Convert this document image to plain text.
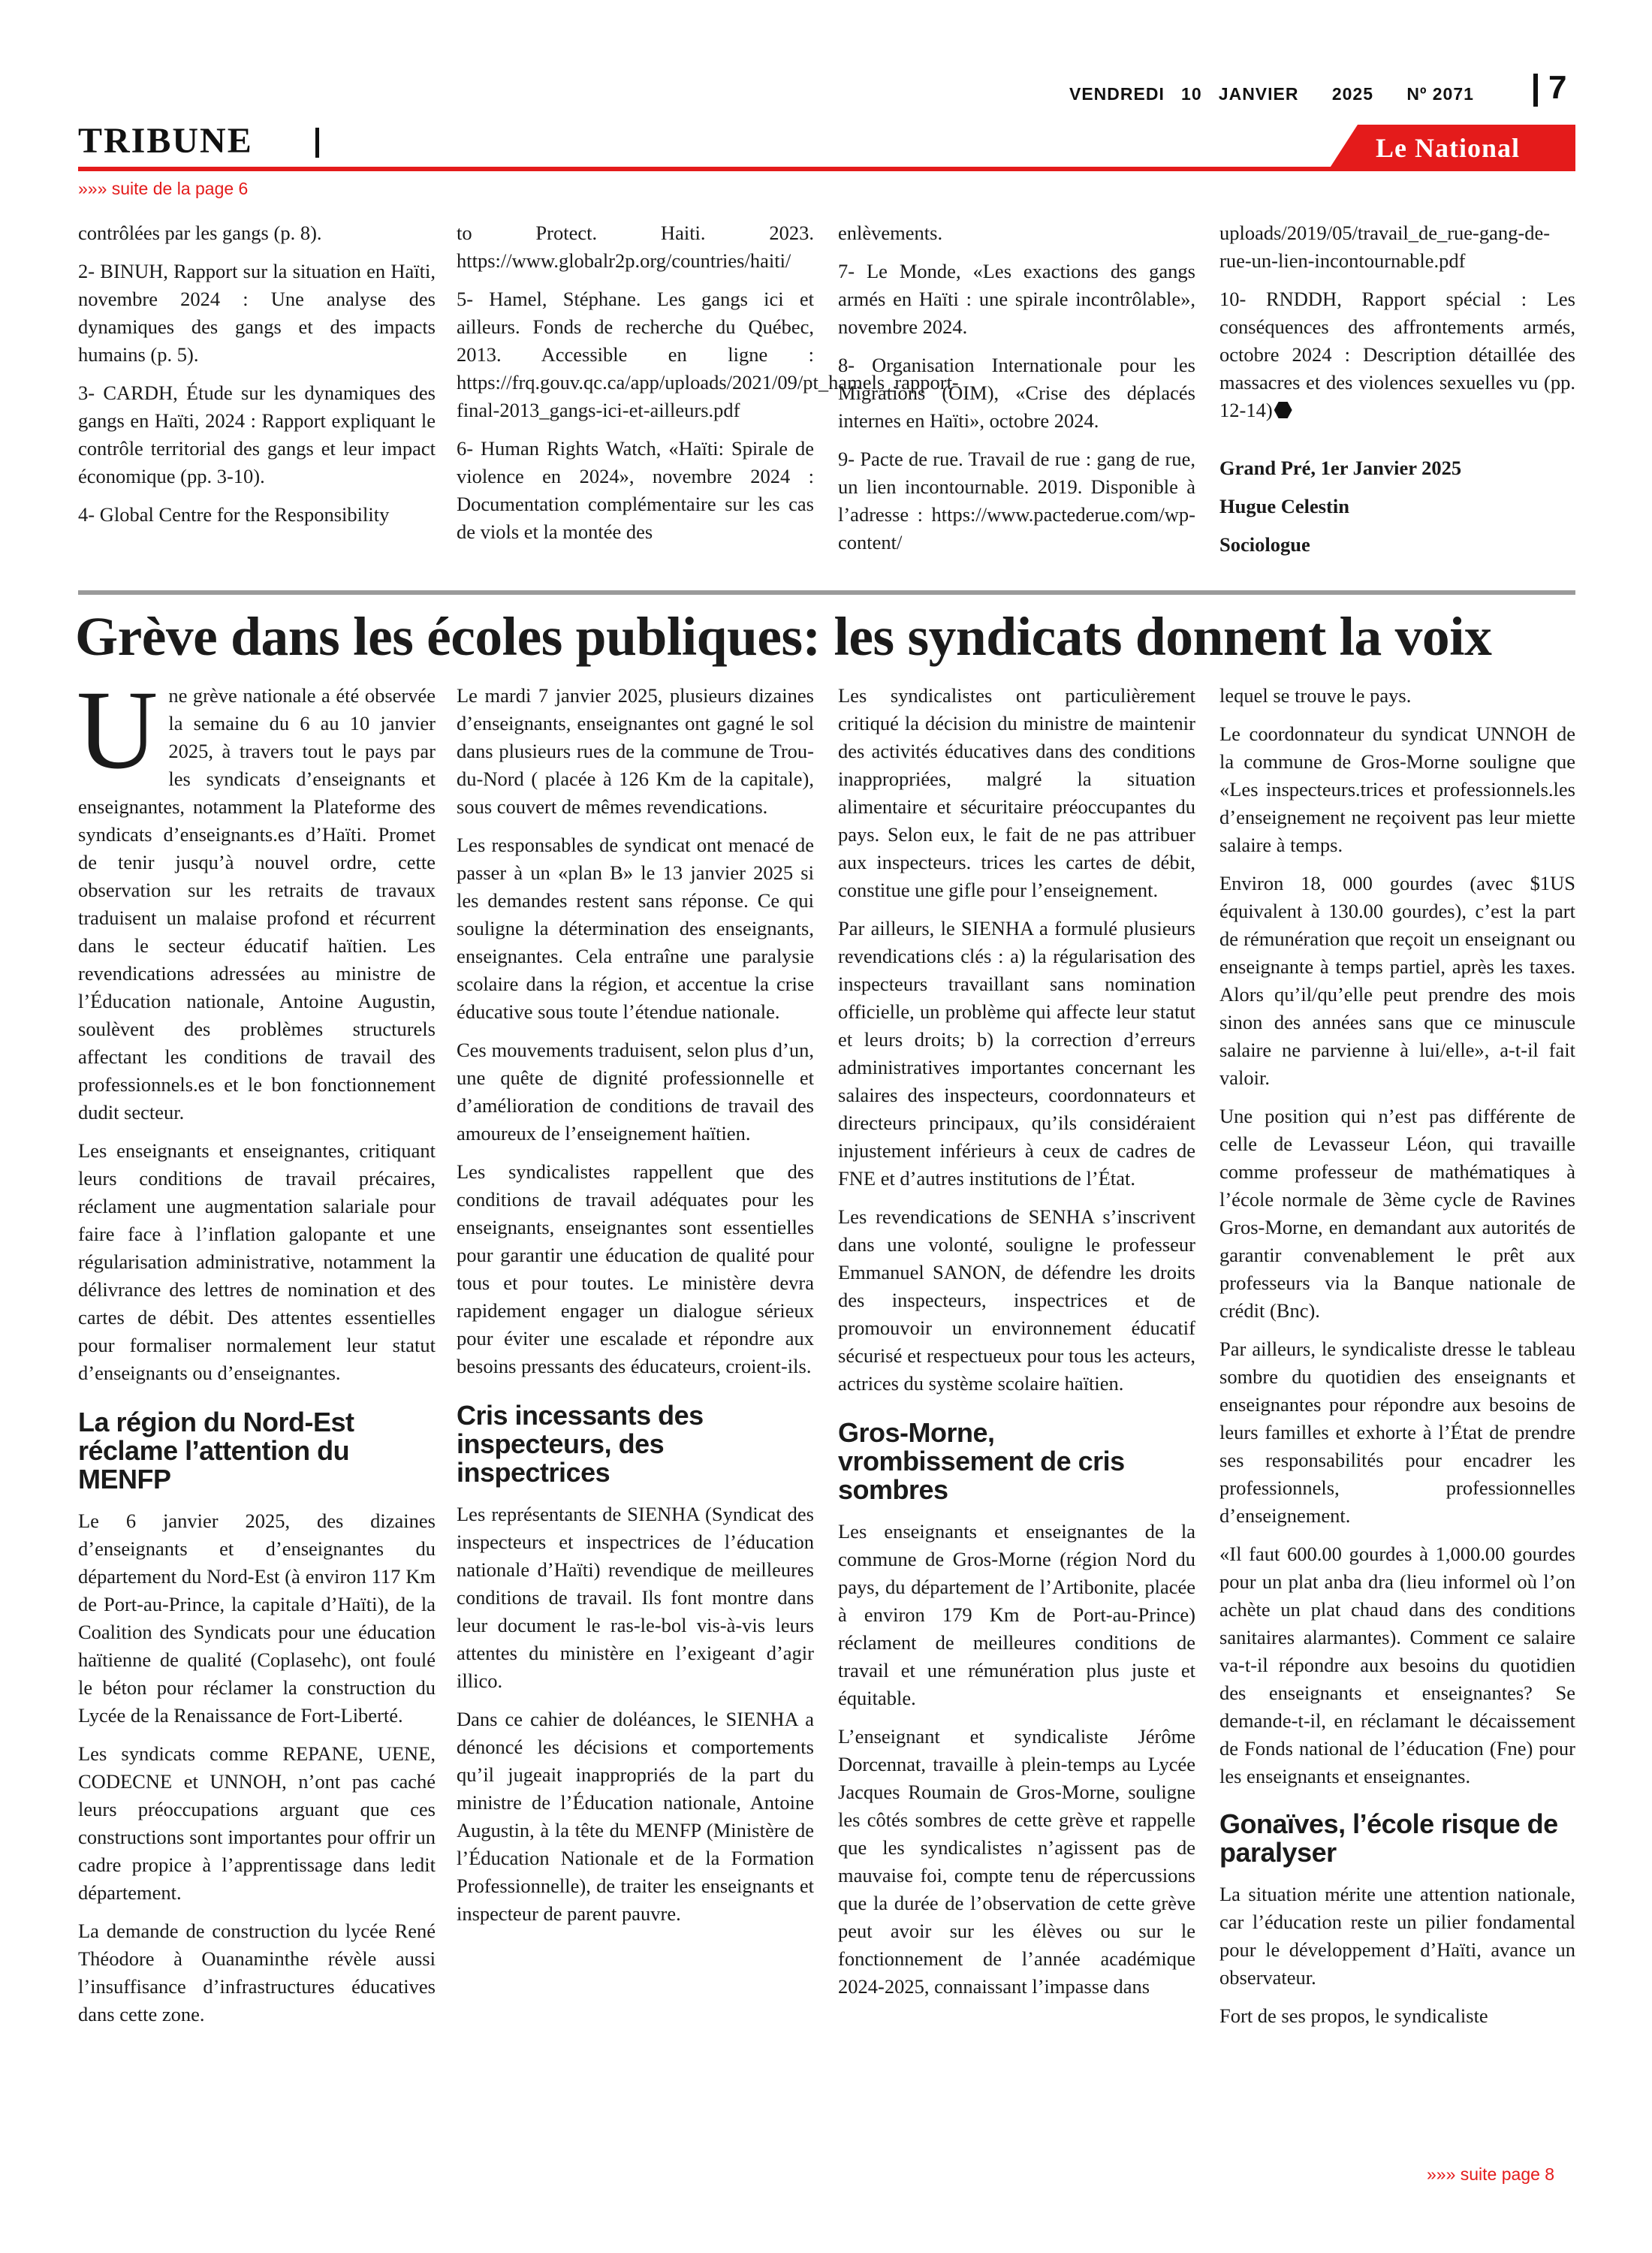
VENDREDI 10 JANVIER 2025 Nº 2071 7
TRIBUNE	Le National
»»» suite de la page 6

contrôlées par les gangs (p. 8).

2- BINUH, Rapport sur la situation en Haïti, novembre 2024 : Une analyse des dynamiques des gangs et des impacts humains (p. 5).

3- CARDH, Étude sur les dynamiques des gangs en Haïti, 2024 : Rapport expliquant le contrôle territorial des gangs et leur impact économique (pp. 3-10).

4- Global Centre for the Responsibility

to Protect. Haiti. 2023. https://www.globalr2p.org/countries/haiti/

5- Hamel, Stéphane. Les gangs ici et ailleurs. Fonds de recherche du Québec, 2013. Accessible en ligne : https://frq.gouv.qc.ca/app/uploads/2021/09/pt_hamels_rapport-final-2013_gangs-ici-et-ailleurs.pdf

6- Human Rights Watch, «Haïti: Spirale de violence en 2024», novembre 2024 : Documentation complémentaire sur les cas de viols et la montée des

enlèvements.

7- Le Monde, «Les exactions des gangs armés en Haïti : une spirale incontrôlable», novembre 2024.

8- Organisation Internationale pour les Migrations (OIM), «Crise des déplacés internes en Haïti», octobre 2024.

9- Pacte de rue. Travail de rue : gang de rue, un lien incontournable. 2019. Disponible à l’adresse : https://www.pactederue.com/wp-content/

uploads/2019/05/travail_de_rue-gang-de-rue-un-lien-incontournable.pdf

10- RNDDH, Rapport spécial : Les conséquences des affrontements armés, octobre 2024 : Description détaillée des massacres et des violences sexuelles vu (pp. 12-14)

Grand Pré, 1er Janvier 2025

Hugue Celestin

Sociologue

Grève dans les écoles publiques: les syndicats donnent la voix

Une grève nationale a été observée la semaine du 6 au 10 janvier 2025, à travers tout le pays par les syndicats d’enseignants et enseignantes, notamment la Plateforme des syndicats d’enseignants.es d’Haïti. Promet de tenir jusqu’à nouvel ordre, cette observation sur les retraits de travaux traduisent un malaise profond et récurrent dans le secteur éducatif haïtien. Les revendications adressées au ministre de l’Éducation nationale, Antoine Augustin, soulèvent des problèmes structurels affectant les conditions de travail des professionnels.es et le bon fonctionnement dudit secteur.

Les enseignants et enseignantes, critiquant leurs conditions de travail précaires, réclament une augmentation salariale pour faire face à l’inflation galopante et une régularisation administrative, notamment la délivrance des lettres de nomination et des cartes de débit. Des attentes essentielles pour formaliser normalement leur statut d’enseignants ou d’enseignantes.

La région du Nord-Est réclame l’attention du MENFP

Le 6 janvier 2025, des dizaines d’enseignants et d’enseignantes du département du Nord-Est (à environ 117 Km de Port-au-Prince, la capitale d’Haïti), de la Coalition des Syndicats pour une éducation haïtienne de qualité (Coplasehc), ont foulé le béton pour réclamer la construction du Lycée de la Renaissance de Fort-Liberté.

Les syndicats comme REPANE, UENE, CODECNE et UNNOH, n’ont pas caché leurs préoccupations arguant que ces constructions sont importantes pour offrir un cadre propice à l’apprentissage dans ledit département.

La demande de construction du lycée René Théodore à Ouanaminthe révèle aussi l’insuffisance d’infrastructures éducatives dans cette zone.

Le mardi 7 janvier 2025, plusieurs dizaines d’enseignants, enseignantes ont gagné le sol dans plusieurs rues de la commune de Trou-du-Nord ( placée à 126 Km de la capitale), sous couvert de mêmes revendications.

Les responsables de syndicat ont menacé de passer à un «plan B» le 13 janvier 2025 si les demandes restent sans réponse. Ce qui souligne la détermination des enseignants, enseignantes. Cela entraîne une paralysie scolaire dans la région, et accentue la crise éducative sous toute l’étendue nationale.

Ces mouvements traduisent, selon plus d’un, une quête de dignité professionnelle et d’amélioration de conditions de travail des amoureux de l’enseignement haïtien.

Les syndicalistes rappellent que des conditions de travail adéquates pour les enseignants, enseignantes sont essentielles pour garantir une éducation de qualité pour tous et pour toutes. Le ministère devra rapidement engager un dialogue sérieux pour éviter une escalade et répondre aux besoins pressants des éducateurs, croient-ils.

Cris incessants des inspecteurs, des inspectrices

Les représentants de SIENHA (Syndicat des inspecteurs et inspectrices de l’éducation nationale d’Haïti) revendique de meilleures conditions de travail. Ils font montre dans leur document le ras-le-bol vis-à-vis leurs attentes du ministère en l’exigeant d’agir illico.

Dans ce cahier de doléances, le SIENHA a dénoncé les décisions et comportements qu’il jugeait inappropriés de la part du ministre de l’Éducation nationale, Antoine Augustin, à la tête du MENFP (Ministère de l’Éducation Nationale et de la Formation Professionnelle), de traiter les enseignants et inspecteur de parent pauvre.

Les syndicalistes ont particulièrement critiqué la décision du ministre de maintenir des activités éducatives dans des conditions inappropriées, malgré la situation alimentaire et sécuritaire préoccupantes du pays. Selon eux, le fait de ne pas attribuer aux inspecteurs. trices les cartes de débit, constitue une gifle pour l’enseignement.

Par ailleurs, le SIENHA a formulé plusieurs revendications clés : a) la régularisation des inspecteurs travaillant sans nomination officielle, un problème qui affecte leur statut et leurs droits; b) la correction d’erreurs administratives importantes concernant les salaires des inspecteurs, coordonnateurs et directeurs principaux, qu’ils considéraient injustement inférieurs à ceux de cadres de FNE et d’autres institutions de l’État.

Les revendications de SENHA s’inscrivent dans une volonté, souligne le professeur Emmanuel SANON, de défendre les droits des inspecteurs, inspectrices et de promouvoir un environnement éducatif sécurisé et respectueux pour tous les acteurs, actrices du système scolaire haïtien.

Gros-Morne, vrombissement de cris sombres

Les enseignants et enseignantes de la commune de Gros-Morne (région Nord du pays, du département de l’Artibonite, placée à environ 179 Km de Port-au-Prince) réclament de meilleures conditions de travail et une rémunération plus juste et équitable.

L’enseignant et syndicaliste Jérôme Dorcennat, travaille à plein-temps au Lycée Jacques Roumain de Gros-Morne, souligne les côtés sombres de cette grève et rappelle que les syndicalistes n’agissent pas de mauvaise foi, compte tenu de répercussions que la durée de l’observation de cette grève peut avoir sur les élèves ou sur le fonctionnement de l’année académique 2024-2025, connaissant l’impasse dans

lequel se trouve le pays.

Le coordonnateur du syndicat UNNOH de la commune de Gros-Morne souligne que «Les inspecteurs.trices et professionnels.les d’enseignement ne reçoivent pas leur miette salaire à temps.

Environ 18, 000 gourdes (avec $1US équivalent à 130.00 gourdes), c’est la part de rémunération que reçoit un enseignant ou enseignante à temps partiel, après les taxes. Alors qu’il/qu’elle peut prendre des mois sinon des années sans que ce minuscule salaire ne parvienne à lui/elle», a-t-il fait valoir.

Une position qui n’est pas différente de celle de Levasseur Léon, qui travaille comme professeur de mathématiques à l’école normale de 3ème cycle de Ravines Gros-Morne, en demandant aux autorités de garantir convenablement le prêt aux professeurs via la Banque nationale de crédit (Bnc).

Par ailleurs, le syndicaliste dresse le tableau sombre du quotidien des enseignants et enseignantes pour répondre aux besoins de leurs familles et exhorte à l’État de prendre ses responsabilités pour encadrer les professionnels, professionnelles d’enseignement.

«Il faut 600.00 gourdes à 1,000.00 gourdes pour un plat anba dra (lieu informel où l’on achète un plat chaud dans des conditions sanitaires alarmantes). Comment ce salaire va-t-il répondre aux besoins du quotidien des enseignants et enseignantes? Se demande-t-il, en réclamant le décaissement de Fonds national de l’éducation (Fne) pour les enseignants et enseignantes.

Gonaïves, l’école risque de paralyser

La situation mérite une attention nationale, car l’éducation reste un pilier fondamental pour le développement d’Haïti, avance un observateur.

Fort de ses propos, le syndicaliste

»»» suite page 8
